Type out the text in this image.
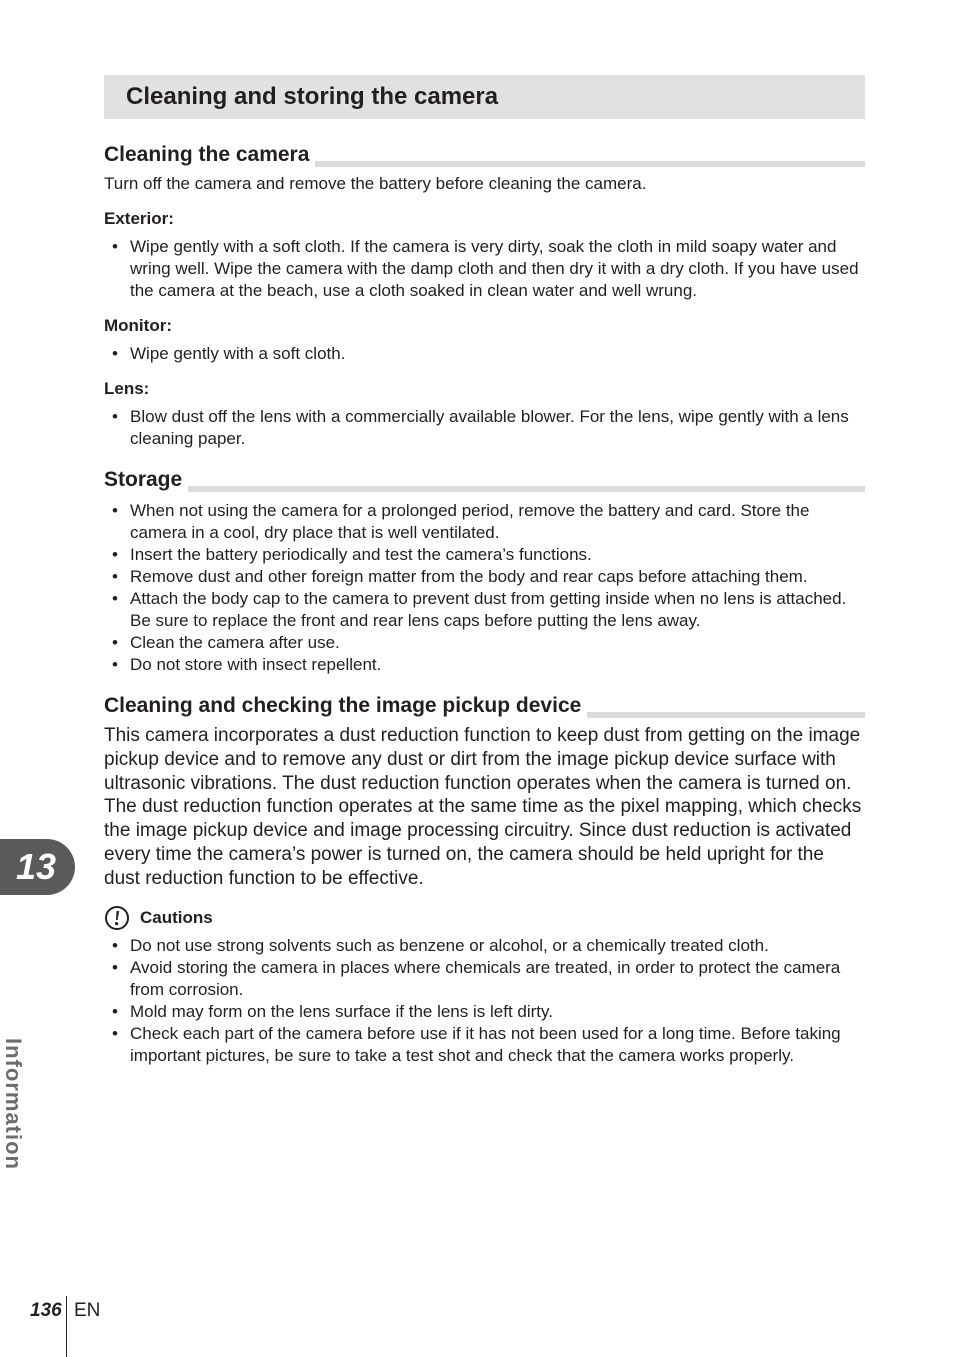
Cleaning and storing the camera
Cleaning the camera

Turn off the camera and remove the battery before cleaning the camera.

Exterior:
• Wipe gently with a soft cloth. If the camera is very dirty, soak the cloth in mild soapy water and wring well. Wipe the camera with the damp cloth and then dry it with a dry cloth. If you have used the camera at the beach, use a cloth soaked in clean water and well wrung.
Monitor:
• Wipe gently with a soft cloth.
Lens:
• Blow dust off the lens with a commercially available blower. For the lens, wipe gently with a lens cleaning paper.
Storage
• When not using the camera for a prolonged period, remove the battery and card. Store the camera in a cool, dry place that is well ventilated.
• Insert the battery periodically and test the camera’s functions.
• Remove dust and other foreign matter from the body and rear caps before attaching them.
• Attach the body cap to the camera to prevent dust from getting inside when no lens is attached. Be sure to replace the front and rear lens caps before putting the lens away.
• Clean the camera after use.
• Do not store with insect repellent.
Cleaning and checking the image pickup device

This camera incorporates a dust reduction function to keep dust from getting on the image pickup device and to remove any dust or dirt from the image pickup device surface with ultrasonic vibrations. The dust reduction function operates when the camera is turned on.

The dust reduction function operates at the same time as the pixel mapping, which checks the image pickup device and image processing circuitry. Since dust reduction is activated every time the camera’s power is turned on, the camera should be held upright for the dust reduction function to be effective.

Cautions
• Do not use strong solvents such as benzene or alcohol, or a chemically treated cloth.
• Avoid storing the camera in places where chemicals are treated, in order to protect the camera from corrosion.
• Mold may form on the lens surface if the lens is left dirty.
• Check each part of the camera before use if it has not been used for a long time. Before taking important pictures, be sure to take a test shot and check that the camera works properly.
13
Information
136 EN
